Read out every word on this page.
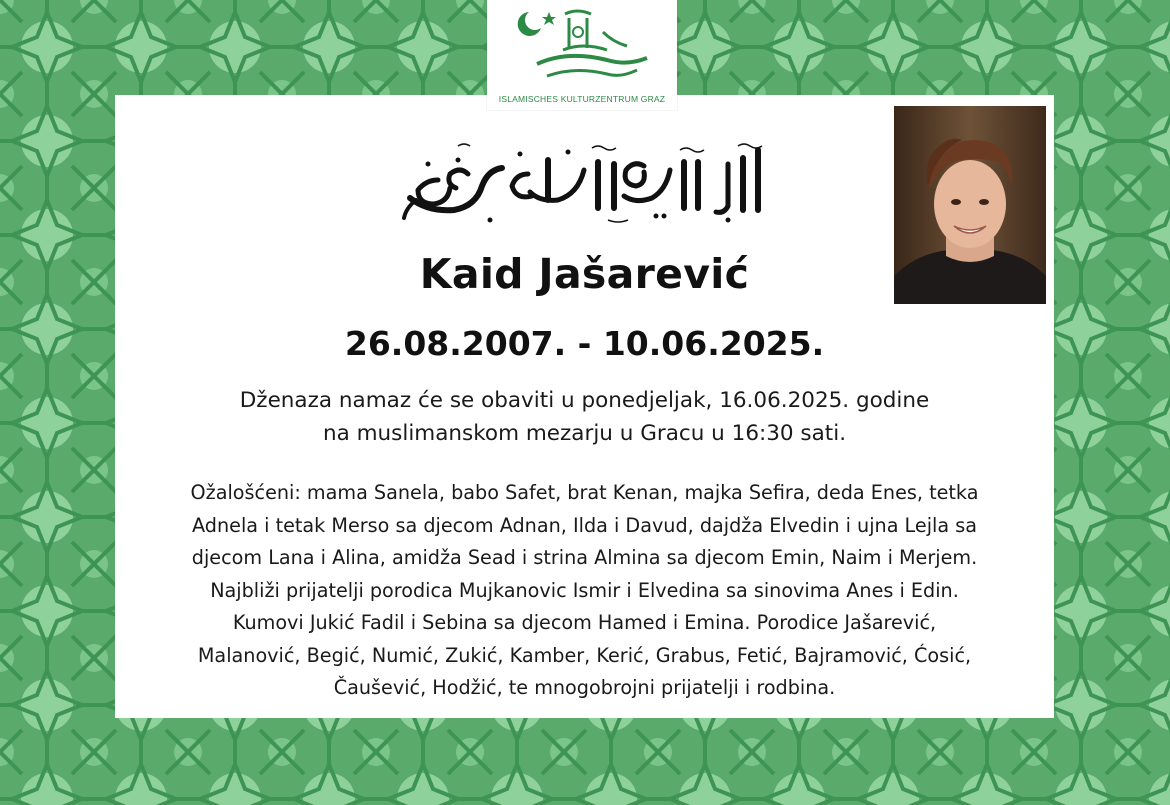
ISLAMISCHES KULTURZENTRUM GRAZ
Kaid Jašarević
26.08.2007. - 10.06.2025.
Dženaza namaz će se obaviti u ponedjeljak, 16.06.2025. godine
na muslimanskom mezarju u Gracu u 16:30 sati.
Ožalošćeni: mama Sanela, babo Safet, brat Kenan, majka Sefira, deda Enes, tetka
Adnela i tetak Merso sa djecom Adnan, Ilda i Davud, dajdža Elvedin i ujna Lejla sa
djecom Lana i Alina, amidža Sead i strina Almina sa djecom Emin, Naim i Merjem.
Najbliži prijatelji porodica Mujkanovic Ismir i Elvedina sa sinovima Anes i Edin.
Kumovi Jukić Fadil i Sebina sa djecom Hamed i Emina. Porodice Jašarević,
Malanović, Begić, Numić, Zukić, Kamber, Kerić, Grabus, Fetić, Bajramović, Ćosić,
Čaušević, Hodžić, te mnogobrojni prijatelji i rodbina.
